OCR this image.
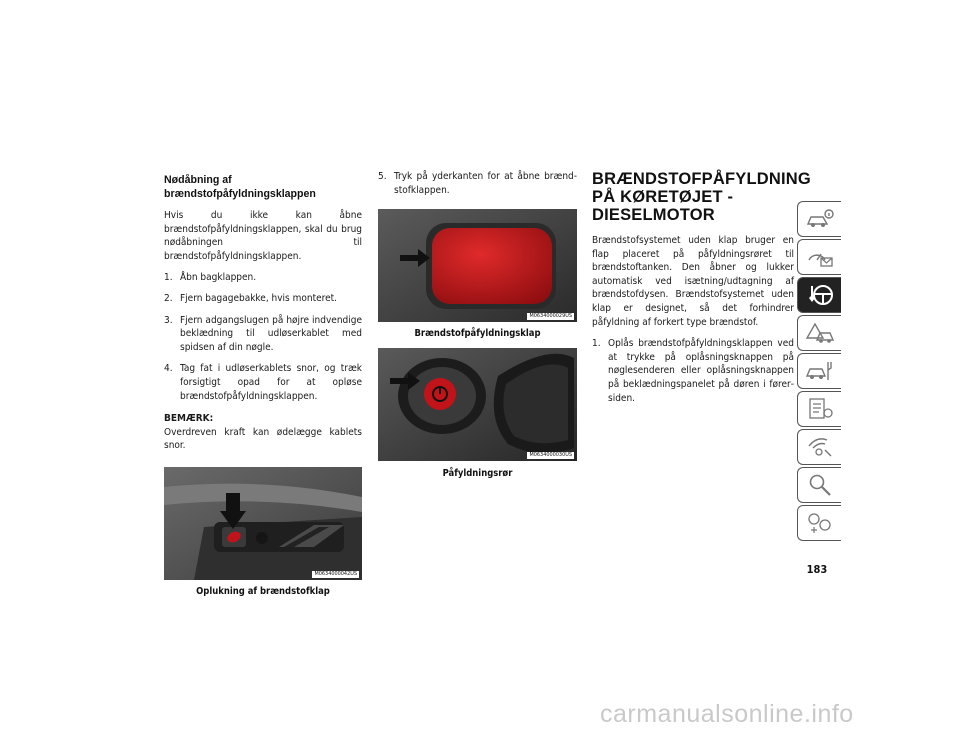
Nødåbning af brændstofpåfyldningsklappen
Hvis du ikke kan åbne brændstofpåfyldningsklappen, skal du brug nødåbningen til brændstofpåfyldningsklappen.
1. Åbn bagklappen.
2. Fjern bagagebakke, hvis monteret.
3. Fjern adgangslugen på højre indvendige beklædning til udløserkablet med spidsen af din nøgle.
4. Tag fat i udløserkablets snor, og træk forsigtigt opad for at opløse brændstofpåfyldningsklappen.
BEMÆRK:
Overdreven kraft kan ødelægge kablets snor.
M0634000042US
Oplukning af brændstofklap
5. Tryk på yderkanten for at åbne brændstofklappen.
M0634000029US
Brændstofpåfyldningsklap
M0634000030US
Påfyldningsrør
BRÆNDSTOFPÅFYLDNING
PÅ KØRETØJET -
DIESELMOTOR
Brændstofsystemet uden klap bruger en flap placeret på påfyldningsrøret til brændstoftanken. Den åbner og lukker automatisk ved isætning/udtagning af brændstofdysen. Brændstofsystemet uden klap er designet, så det forhindrer påfyldning af forkert type brændstof.
1. Oplås brændstofpåfyldningsklappen ved at trykke på oplåsningsknappen på nøglesenderen eller oplåsningsknappen på beklædningspanelet på døren i førersiden.
183
carmanualsonline.info
